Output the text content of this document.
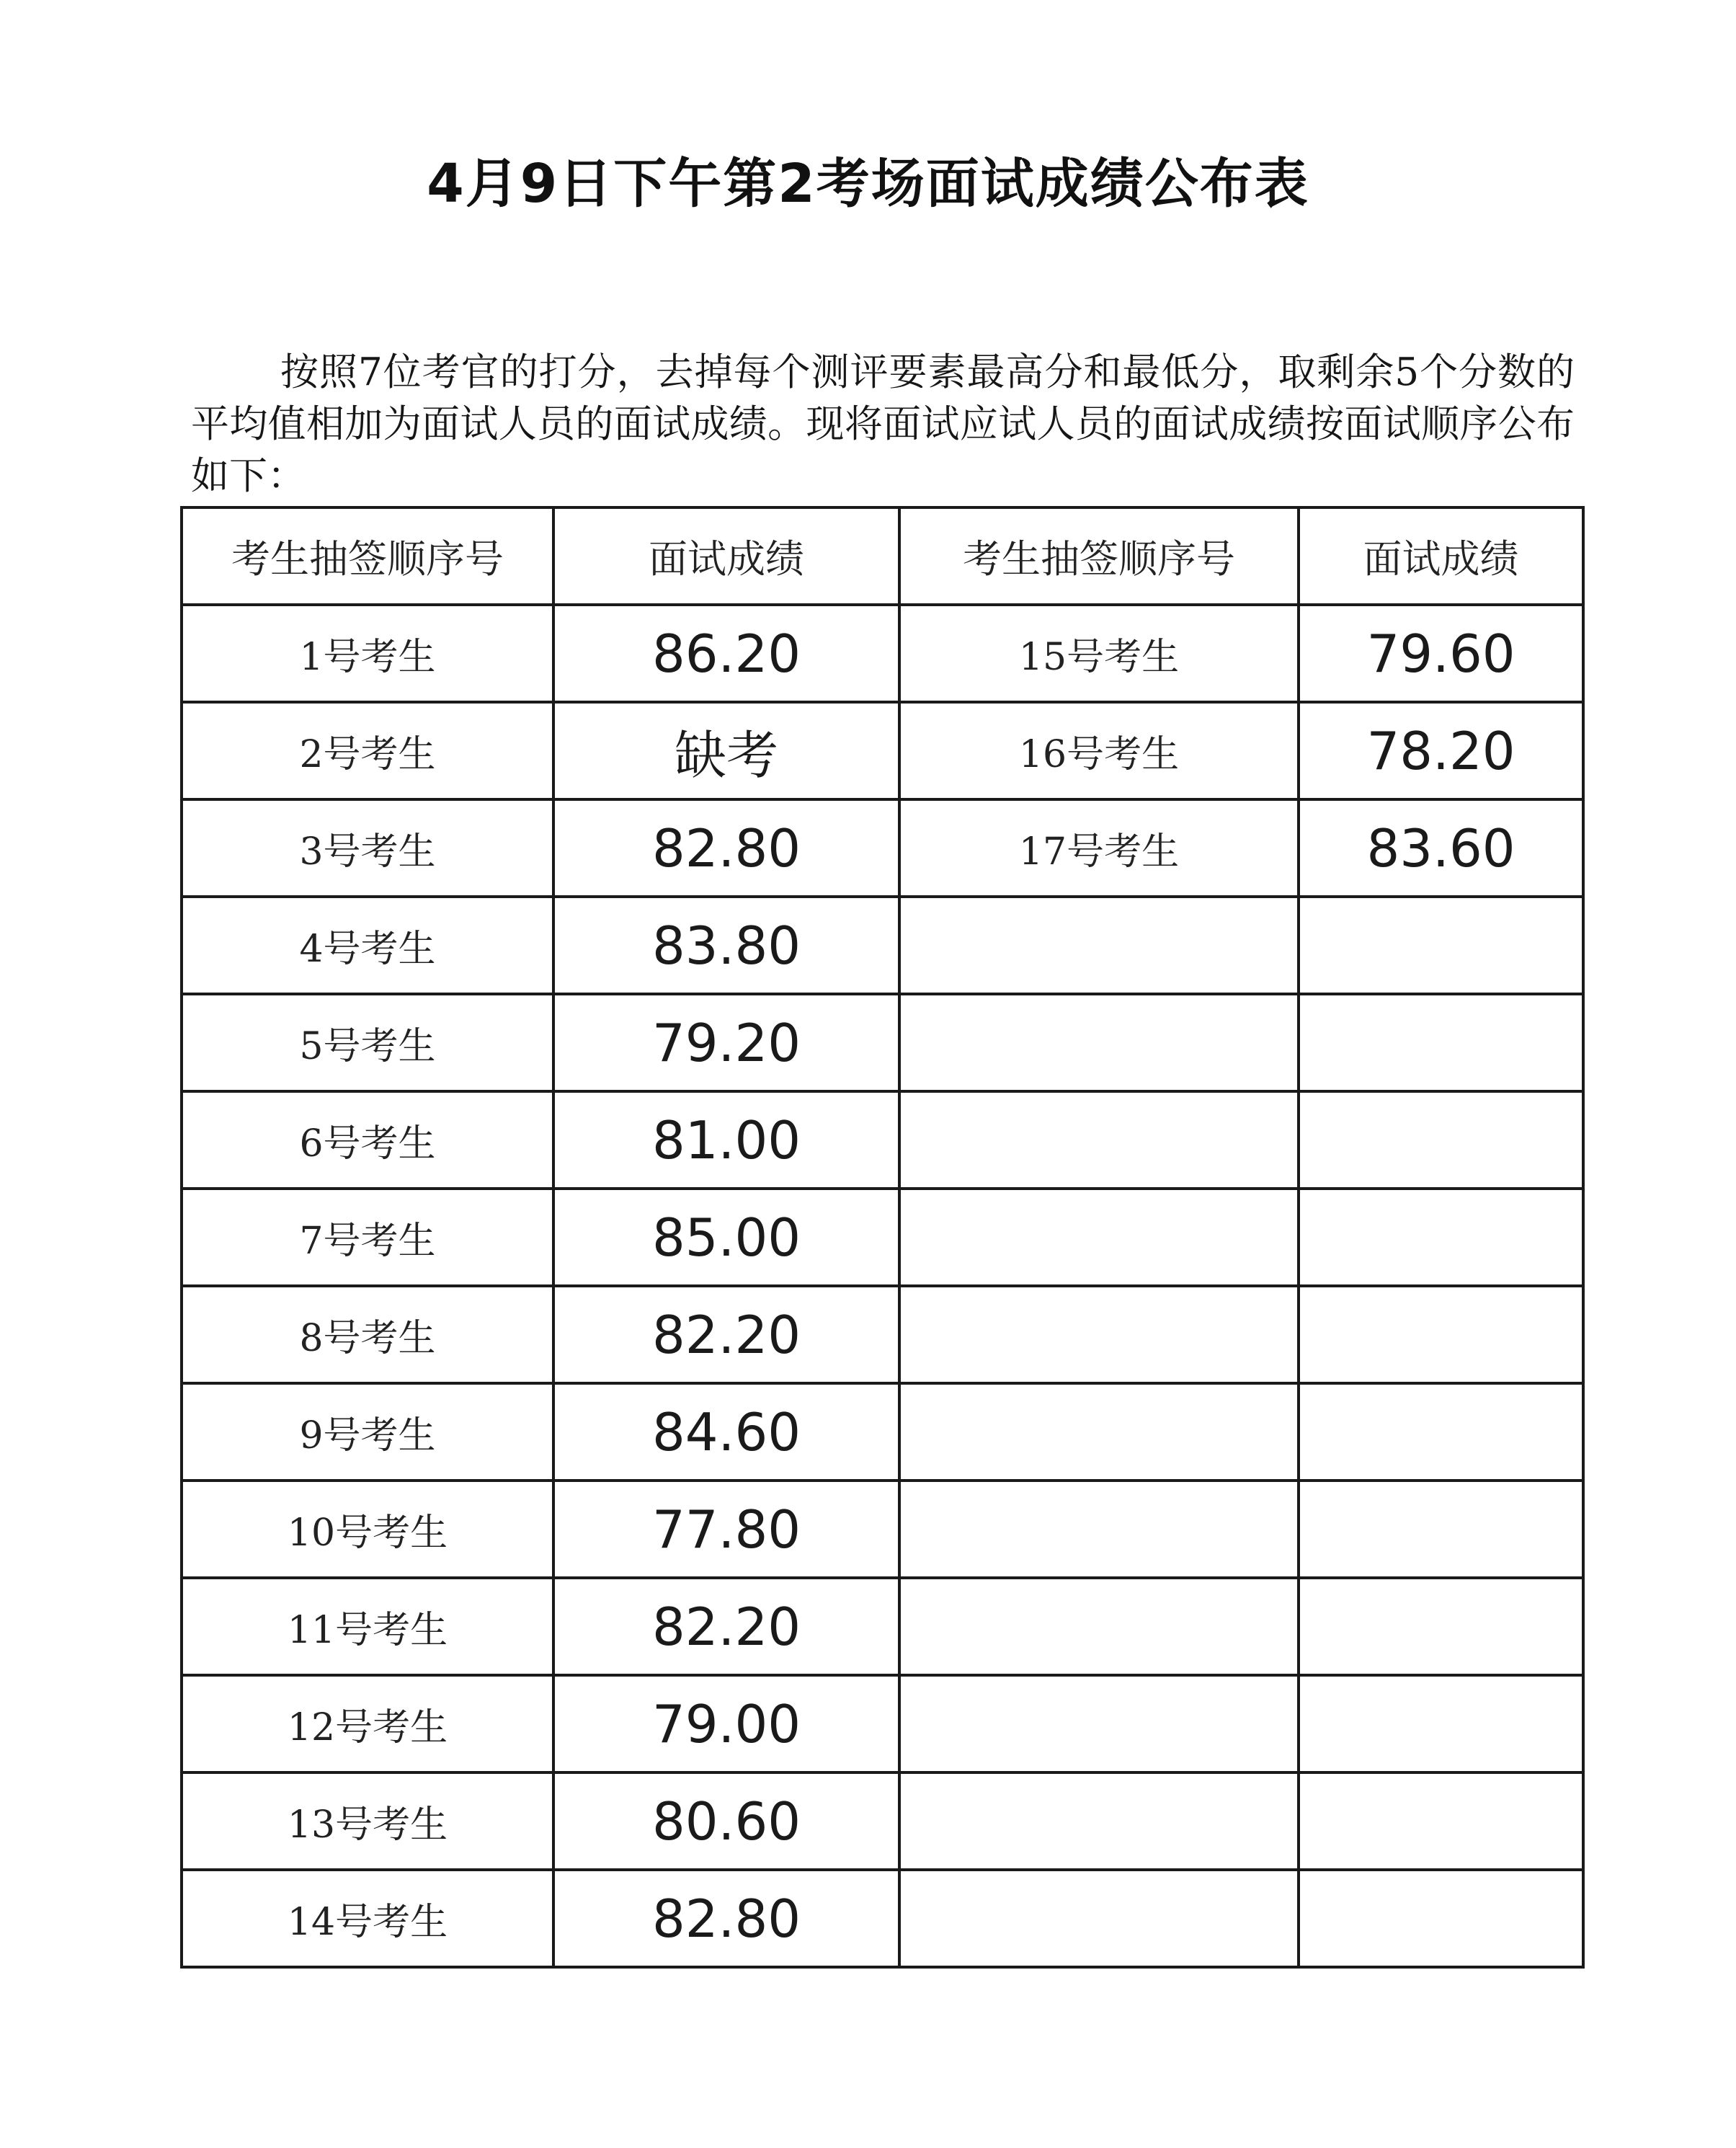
4月9日下午第2考场面试成绩公布表

按照7位考官的打分，去掉每个测评要素最高分和最低分，取剩余5个分数的平均值相加为面试人员的面试成绩。现将面试应试人员的面试成绩按面试顺序公布如下：

考生抽签顺序号	面试成绩	考生抽签顺序号	面试成绩
1号考生	86.20	15号考生	79.60
2号考生	缺考	16号考生	78.20
3号考生	82.80	17号考生	83.60
4号考生	83.80		
5号考生	79.20		
6号考生	81.00		
7号考生	85.00		
8号考生	82.20		
9号考生	84.60		
10号考生	77.80		
11号考生	82.20		
12号考生	79.00		
13号考生	80.60		
14号考生	82.80		
